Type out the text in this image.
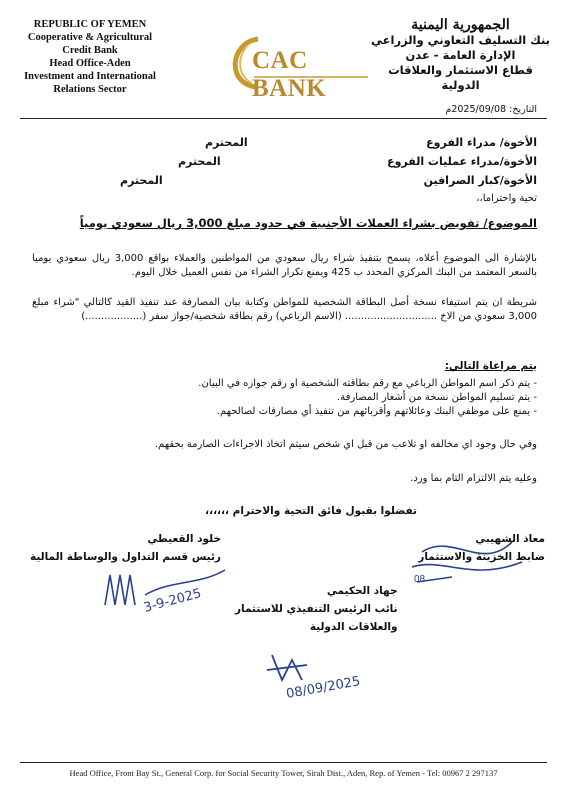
REPUBLIC OF YEMEN
Cooperative & Agricultural
Credit Bank
Head Office-Aden
Investment and International
Relations Sector
CAC BANK
الجمهورية اليمنية
بنك التسليف التعاوني والزراعي
الإدارة العامة - عدن
قطاع الاستثمار والعلاقات الدولية
التاريخ: 2025/09/08م
الأخوة/ مدراء الفروع
المحترم
الأخوة/مدراء عمليات الفروع
المحترم
الأخوة/كبار الصرافين
المحترم
تحية واحتراما،،
الموضوع/ تفويض بشراء العملات الأجنبية في حدود مبلغ 3,000 ريال سعودي يومياً
بالإشارة الى الموضوع أعلاه، يسمح بتنفيذ شراء ريال سعودي من المواطنين والعملاء بواقع 3,000 ريال سعودي يوميا بالسعر المعتمد من البنك المركزي المحدد ب 425 ويمنع تكرار الشراء من نفس العميل خلال اليوم.
شريطة ان يتم استيفاء نسخة أصل البطاقة الشخصية للمواطن وكتابة بيان المصارفة عند تنفيذ القيد كالتالي "شراء مبلغ 3,000 سعودي من الاخ ............................. (الاسم الرباعي) رقم بطاقة شخصية/جواز سفر (..................)
يتم مراعاة التالي:
- يتم ذكر اسم المواطن الرباعي مع رقم بطاقته الشخصية او رقم جوازه في البيان.
- يتم تسليم المواطن نسخة من أشعار المصارفة.
- يمنع على موظفي البنك وعائلاتهم وأقربائهم من تنفيذ أي مصارفات لصالحهم.
وفي حال وجود اي مخالفه او تلاعب من قبل اي شخص سيتم اتخاذ الاجراءات الصارمة بحقهم.
وعليه يتم الالتزام التام بما ورد.
تفضلوا بقبول فائق التحية والاحترام ،،،،،،
معاذ الشهيبي
ضابط الخزينة والاستثمار
08
خلود القعيطي
رئيس قسم التداول والوساطة المالية
3-9-2025	جهاد الحكيمي
نائب الرئيس التنفيذي للاستثمار
والعلاقات الدولية
08/09/2025
Head Office, Front Bay St., General Corp. for Social Security Tower, Sirah Dist., Aden, Rep. of Yemen - Tel: 00967 2 297137
